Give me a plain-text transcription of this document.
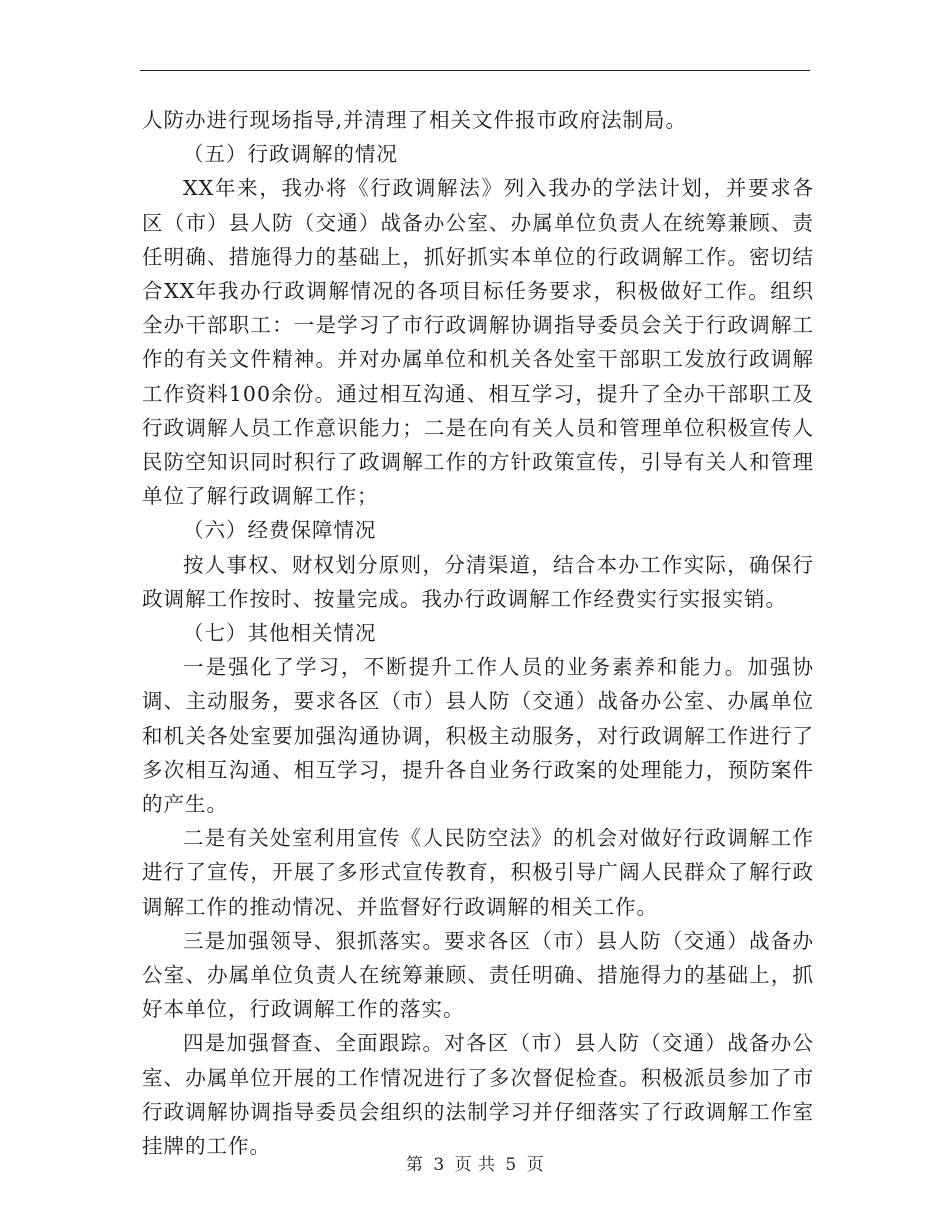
人防办进行现场指导,并清理了相关文件报市政府法制局。

（五）行政调解的情况

XX年来，我办将《行政调解法》列入我办的学法计划，并要求各区（市）县人防（交通）战备办公室、办属单位负责人在统筹兼顾、责任明确、措施得力的基础上，抓好抓实本单位的行政调解工作。密切结合XX年我办行政调解情况的各项目标任务要求，积极做好工作。组织全办干部职工：一是学习了市行政调解协调指导委员会关于行政调解工作的有关文件精神。并对办属单位和机关各处室干部职工发放行政调解工作资料100余份。通过相互沟通、相互学习，提升了全办干部职工及行政调解人员工作意识能力；二是在向有关人员和管理单位积极宣传人民防空知识同时积行了政调解工作的方针政策宣传，引导有关人和管理单位了解行政调解工作；

（六）经费保障情况

按人事权、财权划分原则，分清渠道，结合本办工作实际，确保行政调解工作按时、按量完成。我办行政调解工作经费实行实报实销。

（七）其他相关情况

一是强化了学习，不断提升工作人员的业务素养和能力。加强协调、主动服务，要求各区（市）县人防（交通）战备办公室、办属单位和机关各处室要加强沟通协调，积极主动服务，对行政调解工作进行了多次相互沟通、相互学习，提升各自业务行政案的处理能力，预防案件的产生。

二是有关处室利用宣传《人民防空法》的机会对做好行政调解工作进行了宣传，开展了多形式宣传教育，积极引导广阔人民群众了解行政调解工作的推动情况、并监督好行政调解的相关工作。

三是加强领导、狠抓落实。要求各区（市）县人防（交通）战备办公室、办属单位负责人在统筹兼顾、责任明确、措施得力的基础上，抓好本单位，行政调解工作的落实。

四是加强督查、全面跟踪。对各区（市）县人防（交通）战备办公室、办属单位开展的工作情况进行了多次督促检查。积极派员参加了市行政调解协调指导委员会组织的法制学习并仔细落实了行政调解工作室挂牌的工作。

第 3 页 共 5 页
